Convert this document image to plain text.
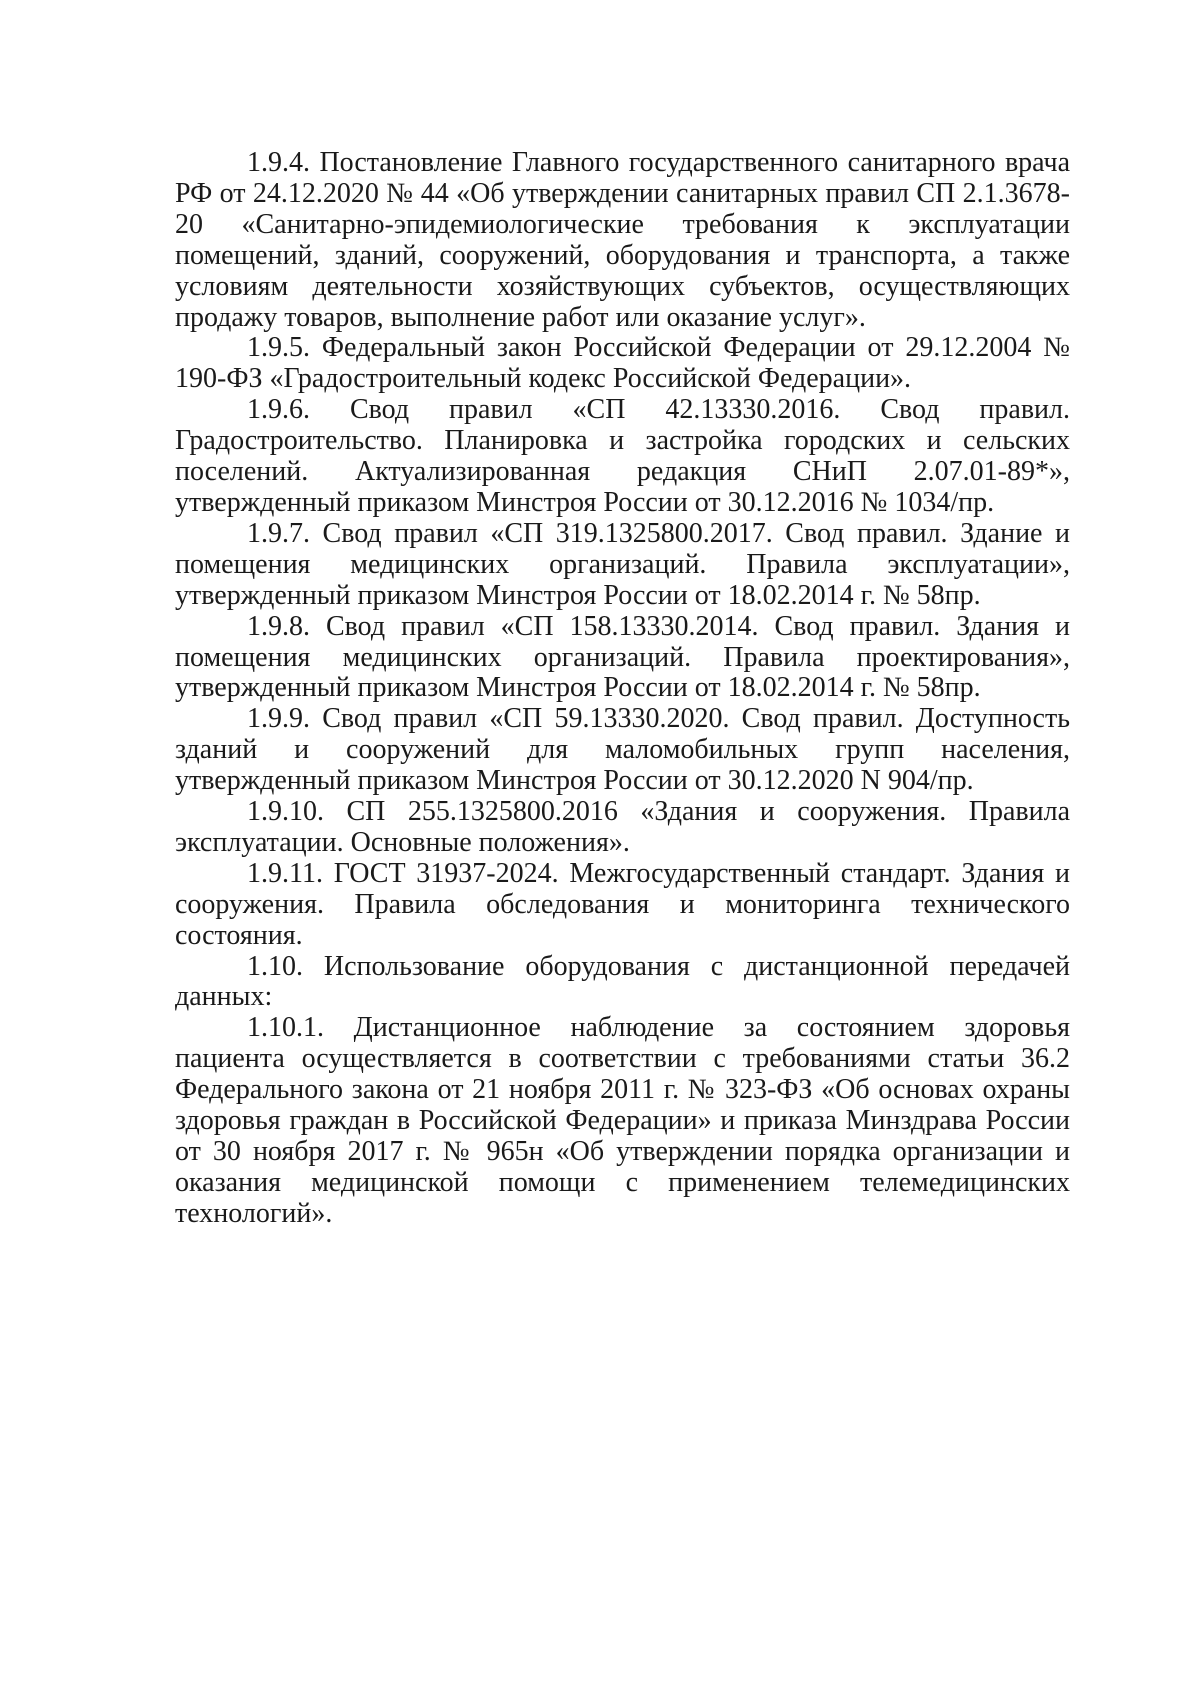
1.9.4. Постановление Главного государственного санитарного врача РФ от 24.12.2020 № 44 «Об утверждении санитарных правил СП 2.1.3678-20 «Санитарно-эпидемиологические требования к эксплуатации помещений, зданий, сооружений, оборудования и транспорта, а также условиям деятельности хозяйствующих субъектов, осуществляющих продажу товаров, выполнение работ или оказание услуг».

1.9.5. Федеральный закон Российской Федерации от 29.12.2004 № 190-ФЗ «Градостроительный кодекс Российской Федерации».

1.9.6. Свод правил «СП 42.13330.2016. Свод правил. Градостроительство. Планировка и застройка городских и сельских поселений. Актуализированная редакция СНиП 2.07.01-89*», утвержденный приказом Минстроя России от 30.12.2016 № 1034/пр.

1.9.7. Свод правил «СП 319.1325800.2017. Свод правил. Здание и помещения медицинских организаций. Правила эксплуатации», утвержденный приказом Минстроя России от 18.02.2014 г. № 58пр.

1.9.8. Свод правил «СП 158.13330.2014. Свод правил. Здания и помещения медицинских организаций. Правила проектирования», утвержденный приказом Минстроя России от 18.02.2014 г. № 58пр.

1.9.9. Свод правил «СП 59.13330.2020. Свод правил. Доступность зданий и сооружений для маломобильных групп населения, утвержденный приказом Минстроя России от 30.12.2020 N 904/пр.

1.9.10. СП 255.1325800.2016 «Здания и сооружения. Правила эксплуатации. Основные положения».

1.9.11. ГОСТ 31937-2024. Межгосударственный стандарт. Здания и сооружения. Правила обследования и мониторинга технического состояния.

1.10. Использование оборудования с дистанционной передачей данных:

1.10.1. Дистанционное наблюдение за состоянием здоровья пациента осуществляется в соответствии с требованиями статьи 36.2 Федерального закона от 21 ноября 2011 г. № 323-ФЗ «Об основах охраны здоровья граждан в Российской Федерации» и приказа Минздрава России от 30 ноября 2017 г. № 965н «Об утверждении порядка организации и оказания медицинской помощи с применением телемедицинских технологий».
